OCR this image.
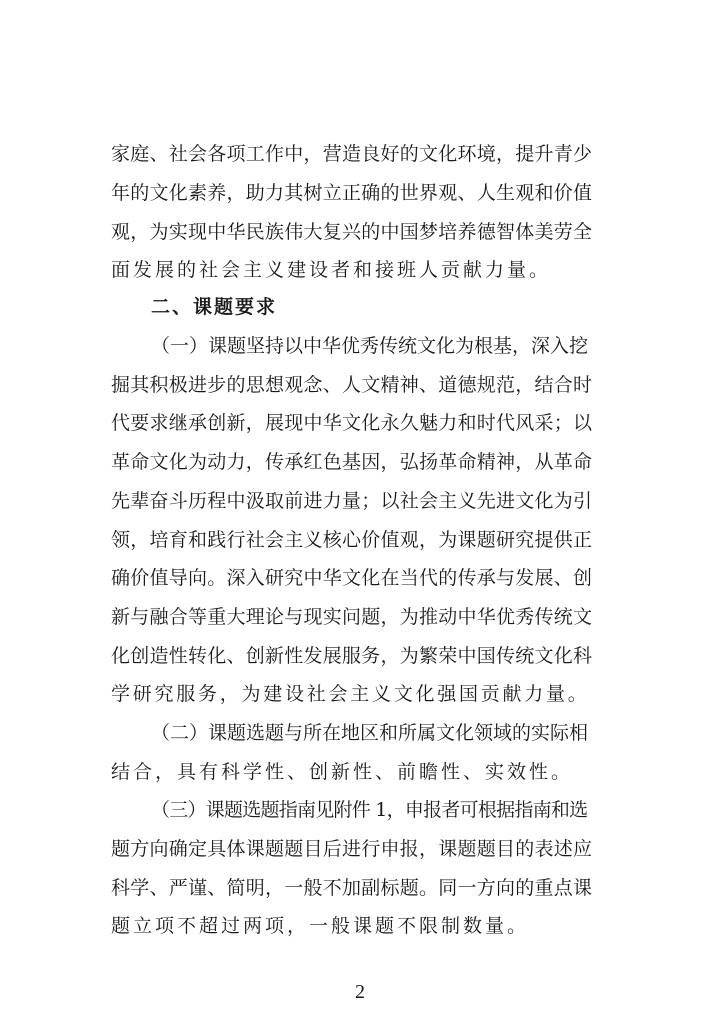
家庭、社会各项工作中，营造良好的文化环境，提升青少
年的文化素养，助力其树立正确的世界观、人生观和价值
观，为实现中华民族伟大复兴的中国梦培养德智体美劳全
面发展的社会主义建设者和接班人贡献力量。
二、课题要求
（一）课题坚持以中华优秀传统文化为根基，深入挖
掘其积极进步的思想观念、人文精神、道德规范，结合时
代要求继承创新，展现中华文化永久魅力和时代风采；以
革命文化为动力，传承红色基因，弘扬革命精神，从革命
先辈奋斗历程中汲取前进力量；以社会主义先进文化为引
领，培育和践行社会主义核心价值观，为课题研究提供正
确价值导向。深入研究中华文化在当代的传承与发展、创
新与融合等重大理论与现实问题，为推动中华优秀传统文
化创造性转化、创新性发展服务，为繁荣中国传统文化科
学研究服务，为建设社会主义文化强国贡献力量。
（二）课题选题与所在地区和所属文化领域的实际相
结合，具有科学性、创新性、前瞻性、实效性。
（三）课题选题指南见附件 1，申报者可根据指南和选
题方向确定具体课题题目后进行申报，课题题目的表述应
科学、严谨、简明，一般不加副标题。同一方向的重点课
题立项不超过两项，一般课题不限制数量。
2
